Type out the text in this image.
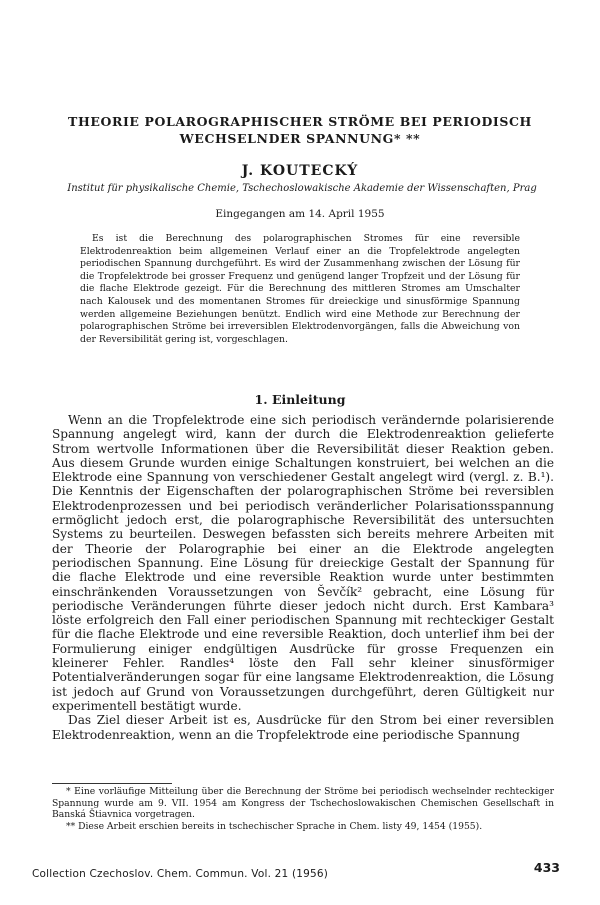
THEORIE POLAROGRAPHISCHER STRÖME BEI PERIODISCH
WECHSELNDER SPANNUNG* **
J. KOUTECKÝ
Institut für physikalische Chemie, Tschechoslowakische Akademie der Wissenschaften, Prag
Eingegangen am 14. April 1955

Es ist die Berechnung des polarographischen Stromes für eine reversible Elektrodenreaktion beim allgemeinen Verlauf einer an die Tropfelektrode angelegten periodischen Spannung durchgeführt. Es wird der Zusammenhang zwischen der Lösung für die Tropfelektrode bei grosser Frequenz und genügend langer Tropfzeit und der Lösung für die flache Elektrode gezeigt. Für die Berechnung des mittleren Stromes am Umschalter nach Kalousek und des momentanen Stromes für dreieckige und sinusförmige Spannung werden allgemeine Beziehungen benützt. Endlich wird eine Methode zur Berechnung der polarographischen Ströme bei irreversiblen Elektrodenvorgängen, falls die Abweichung von der Reversibilität gering ist, vorgeschlagen.

1. Einleitung

Wenn an die Tropfelektrode eine sich periodisch verändernde polarisierende Spannung angelegt wird, kann der durch die Elektrodenreaktion gelieferte Strom wertvolle Informationen über die Reversibilität dieser Reaktion geben. Aus diesem Grunde wurden einige Schaltungen konstruiert, bei welchen an die Elektrode eine Spannung von verschiedener Gestalt angelegt wird (vergl. z. B.¹). Die Kenntnis der Eigenschaften der polarographischen Ströme bei reversiblen Elektrodenprozessen und bei periodisch veränderlicher Polarisationsspannung ermöglicht jedoch erst, die polarographische Reversibilität des untersuchten Systems zu beurteilen. Deswegen befassten sich bereits mehrere Arbeiten mit der Theorie der Polarographie bei einer an die Elektrode angelegten periodischen Spannung. Eine Lösung für dreieckige Gestalt der Spannung für die flache Elektrode und eine reversible Reaktion wurde unter bestimmten einschränkenden Voraussetzungen von Ševčík² gebracht, eine Lösung für periodische Veränderungen führte dieser jedoch nicht durch. Erst Kambara³ löste erfolgreich den Fall einer periodischen Spannung mit rechteckiger Gestalt für die flache Elektrode und eine reversible Reaktion, doch unterlief ihm bei der Formulierung einiger endgültigen Ausdrücke für grosse Frequenzen ein kleinerer Fehler. Randles⁴ löste den Fall sehr kleiner sinusförmiger Potentialveränderungen sogar für eine langsame Elektrodenreaktion, die Lösung ist jedoch auf Grund von Voraussetzungen durchgeführt, deren Gültigkeit nur experimentell bestätigt wurde.

Das Ziel dieser Arbeit ist es, Ausdrücke für den Strom bei einer reversiblen Elektrodenreaktion, wenn an die Tropfelektrode eine periodische Spannung

* Eine vorläufige Mitteilung über die Berechnung der Ströme bei periodisch wechselnder rechteckiger Spannung wurde am 9. VII. 1954 am Kongress der Tschechoslowakischen Chemischen Gesellschaft in Banská Štiavnica vorgetragen.

** Diese Arbeit erschien bereits in tschechischer Sprache in Chem. listy 49, 1454 (1955).

Collection Czechoslov. Chem. Commun. Vol. 21 (1956)	433
